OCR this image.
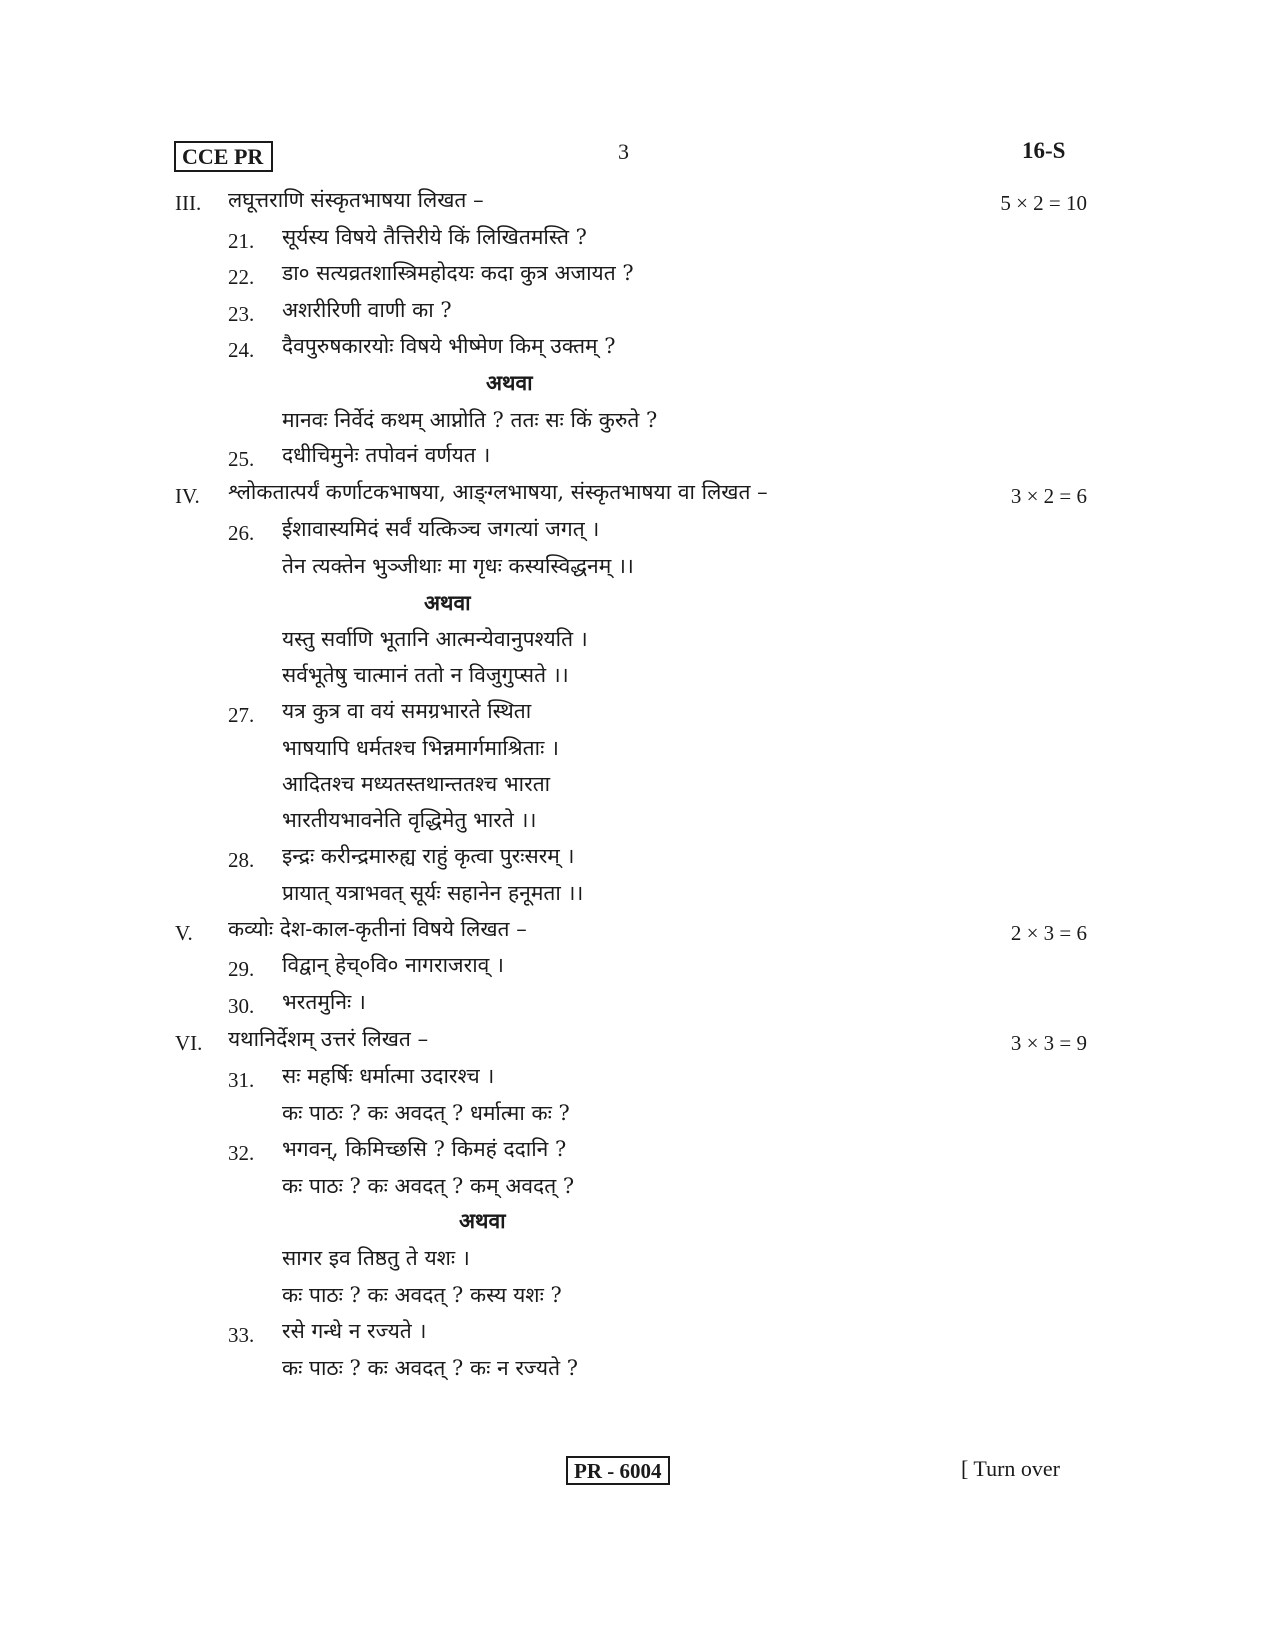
CCE PR	3	16-S
III. लघूत्तराणि संस्कृतभाषया लिखत –	5 × 2 = 10
21. सूर्यस्य विषये तैत्तिरीये किं लिखितमस्ति ?
22. डा० सत्यव्रतशास्त्रिमहोदयः कदा कुत्र अजायत ?
23. अशरीरिणी वाणी का ?
24. दैवपुरुषकारयोः विषये भीष्मेण किम् उक्तम् ?
अथवा
मानवः निर्वेदं कथम् आप्नोति ? ततः सः किं कुरुते ?
25. दधीचिमुनेः तपोवनं वर्णयत ।
IV. श्लोकतात्पर्यं कर्णाटकभाषया, आङ्ग्लभाषया, संस्कृतभाषया वा लिखत –	3 × 2 = 6
26. ईशावास्यमिदं सर्वं यत्किञ्च जगत्यां जगत् ।
तेन त्यक्तेन भुञ्जीथाः मा गृधः कस्यस्विद्धनम् ।।
अथवा
यस्तु सर्वाणि भूतानि आत्मन्येवानुपश्यति ।
सर्वभूतेषु चात्मानं ततो न विजुगुप्सते ।।
27. यत्र कुत्र वा वयं समग्रभारते स्थिता
भाषयापि धर्मतश्च भिन्नमार्गमाश्रिताः ।
आदितश्च मध्यतस्तथान्ततश्च भारता
भारतीयभावनेति वृद्धिमेतु भारते ।।
28. इन्द्रः करीन्द्रमारुह्य राहुं कृत्वा पुरःसरम् ।
प्रायात् यत्राभवत् सूर्यः सहानेन हनूमता ।।
V. कव्योः देश-काल-कृतीनां विषये लिखत –	2 × 3 = 6
29. विद्वान् हेच्०वि० नागराजराव् ।
30. भरतमुनिः ।
VI. यथानिर्देशम् उत्तरं लिखत –	3 × 3 = 9
31. सः महर्षिः धर्मात्मा उदारश्च ।
कः पाठः ? कः अवदत् ? धर्मात्मा कः ?
32. भगवन्, किमिच्छसि ? किमहं ददानि ?
कः पाठः ? कः अवदत् ? कम् अवदत् ?
अथवा
सागर इव तिष्ठतु ते यशः ।
कः पाठः ? कः अवदत् ? कस्य यशः ?
33. रसे गन्धे न रज्यते ।
कः पाठः ? कः अवदत् ? कः न रज्यते ?
PR - 6004	[ Turn over
